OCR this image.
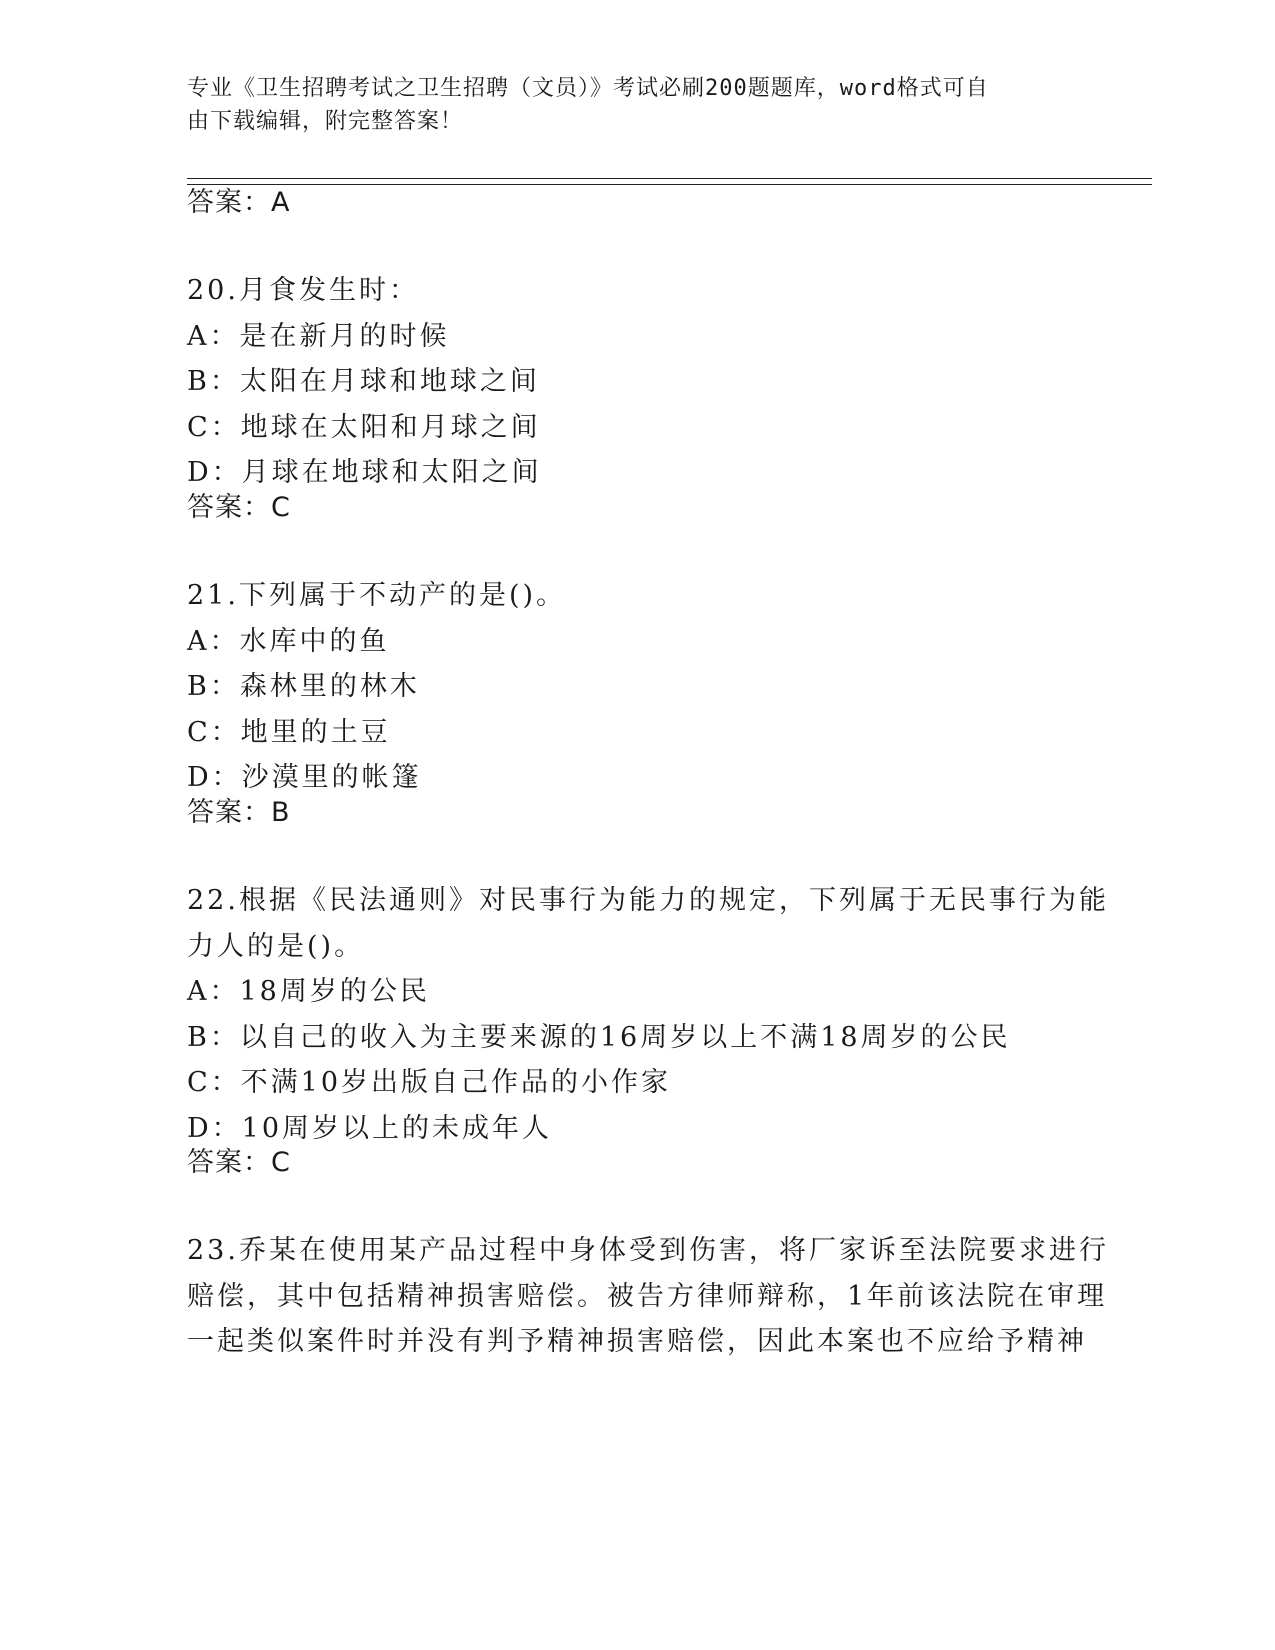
专业《卫生招聘考试之卫生招聘（文员）》考试必刷200题题库，word格式可自
由下载编辑，附完整答案！
答案：A
20.月食发生时：
A：是在新月的时候
B：太阳在月球和地球之间
C：地球在太阳和月球之间
D：月球在地球和太阳之间
答案：C
21.下列属于不动产的是()。
A：水库中的鱼
B：森林里的林木
C：地里的土豆
D：沙漠里的帐篷
答案：B
22.根据《民法通则》对民事行为能力的规定，下列属于无民事行为能
力人的是()。
A：18周岁的公民
B：以自己的收入为主要来源的16周岁以上不满18周岁的公民
C：不满10岁出版自己作品的小作家
D：10周岁以上的未成年人
答案：C
23.乔某在使用某产品过程中身体受到伤害，将厂家诉至法院要求进行
赔偿，其中包括精神损害赔偿。被告方律师辩称，1年前该法院在审理
一起类似案件时并没有判予精神损害赔偿，因此本案也不应给予精神
